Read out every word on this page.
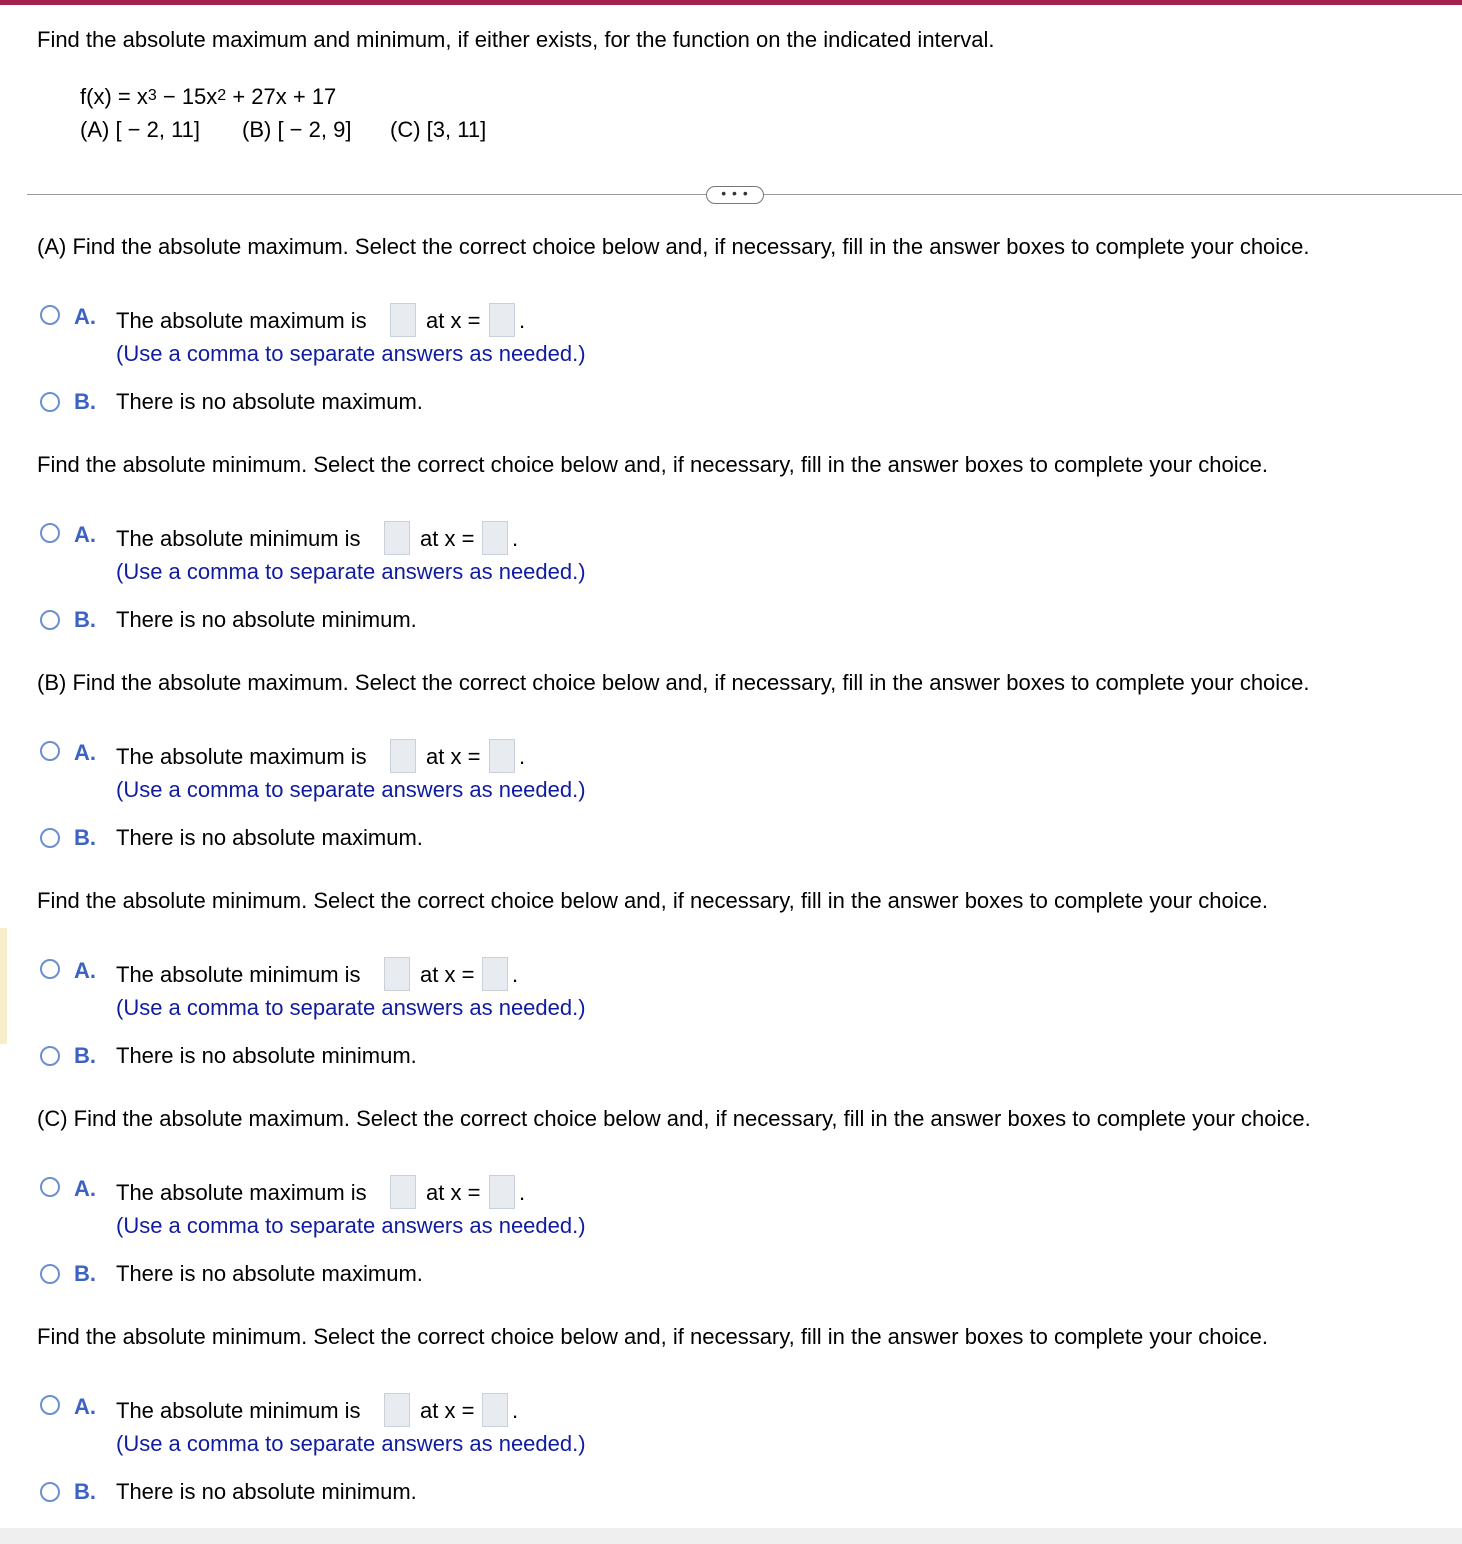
Find the absolute maximum and minimum, if either exists, for the function on the indicated interval.
$f(x) = x^3 - 15x^2 + 27x + 17$
(A) [ − 2, 11] (B) [ − 2, 9] (C) [3, 11]
• • •
(A) Find the absolute maximum. Select the correct choice below and, if necessary, fill in the answer boxes to complete your choice.
A. The absolute maximum is	at x = .
(Use a comma to separate answers as needed.)
B. There is no absolute maximum.
Find the absolute minimum. Select the correct choice below and, if necessary, fill in the answer boxes to complete your choice.
A. The absolute minimum is	at x = .
(Use a comma to separate answers as needed.)
B. There is no absolute minimum.
(B) Find the absolute maximum. Select the correct choice below and, if necessary, fill in the answer boxes to complete your choice.
A. The absolute maximum is	at x = .
(Use a comma to separate answers as needed.)
B. There is no absolute maximum.
Find the absolute minimum. Select the correct choice below and, if necessary, fill in the answer boxes to complete your choice.
A. The absolute minimum is	at x = .
(Use a comma to separate answers as needed.)
B. There is no absolute minimum.
(C) Find the absolute maximum. Select the correct choice below and, if necessary, fill in the answer boxes to complete your choice.
A. The absolute maximum is	at x = .
(Use a comma to separate answers as needed.)
B. There is no absolute maximum.
Find the absolute minimum. Select the correct choice below and, if necessary, fill in the answer boxes to complete your choice.
A. The absolute minimum is	at x = .
(Use a comma to separate answers as needed.)
B. There is no absolute minimum.
